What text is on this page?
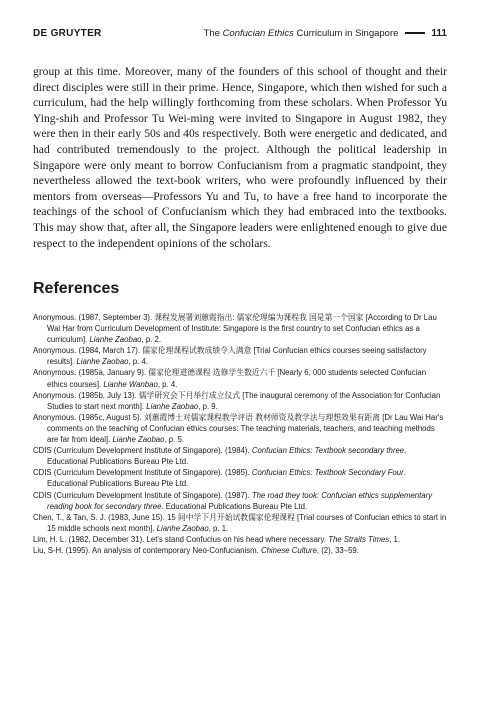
DE GRUYTER	The Confucian Ethics Curriculum in Singapore	111

group at this time. Moreover, many of the founders of this school of thought and their direct disciples were still in their prime. Hence, Singapore, which then wished for such a curriculum, had the help willingly forthcoming from these scholars. When Professor Yu Ying-shih and Professor Tu Wei-ming were invited to Singapore in August 1982, they were then in their early 50s and 40s respectively. Both were energetic and dedicated, and had contributed tremendously to the project. Although the political leadership in Singapore were only meant to borrow Confucianism from a pragmatic standpoint, they nevertheless allowed the text-book writers, who were profoundly influenced by their mentors from overseas—Professors Yu and Tu, to have a free hand to incorporate the teachings of the school of Confucianism which they had embraced into the textbooks. This may show that, after all, the Singapore leaders were enlightened enough to give due respect to the independent opinions of the scholars.

References
Anonymous. (1987, September 3). 课程发展署刘蕙霞指出: 儒家伦理编为课程我 国是第一个国家 [According to Dr Lau Wai Har from Curriculum Development of Institute: Singapore is the first country to set Confucian ethics as a curriculum]. Lianhe Zaobao, p. 2.
Anonymous. (1984, March 17). 儒家伦理课程试教成绩令人满意 [Trial Confucian ethics courses seeing satisfactory results]. Lianhe Zaobao, p. 4.
Anonymous. (1985a, January 9). 儒家伦理道德课程 选修学生数近六千 [Nearly 6, 000 students selected Confucian ethics courses]. Lianhe Wanbao, p. 4.
Anonymous. (1985b, July 13). 儒学研究会下月举行成立仪式 [The inaugural ceremony of the Association for Confucian Studies to start next month]. Lianhe Zaobao, p. 9.
Anonymous. (1985c, August 5). 刘蕙霞博士对儒家课程教学评语 教材师资及教学法与理想效果有距离 [Dr Lau Wai Har's comments on the teaching of Confucian ethics courses: The teaching materials, teachers, and teaching methods are far from ideal]. Lianhe Zaobao, p. 5.
CDIS (Curriculum Development Institute of Singapore). (1984). Confucian Ethics: Textbook secondary three. Educational Publications Bureau Pte Ltd.
CDIS (Curriculum Development Institute of Singapore). (1985). Confucian Ethics: Textbook Secondary Four. Educational Publications Bureau Pte Ltd.
CDIS (Curriculum Development Institute of Singapore). (1987). The road they took: Confucian ethics supplementary reading book for secondary three. Educational Publications Bureau Pte Ltd.
Chen, T., & Tan, S. J. (1983, June 15). 15 间中学下月开始试教儒家伦理课程 [Trial courses of Confucian ethics to start in 15 middle schools next month]. Lianhe Zaobao, p. 1.
Lim, H. L. (1982, December 31). Let's stand Confucius on his head where necessary. The Straits Times, 1.
Liu, S-H. (1995). An analysis of contemporary Neo-Confucianism. Chinese Culture, (2), 33–59.
